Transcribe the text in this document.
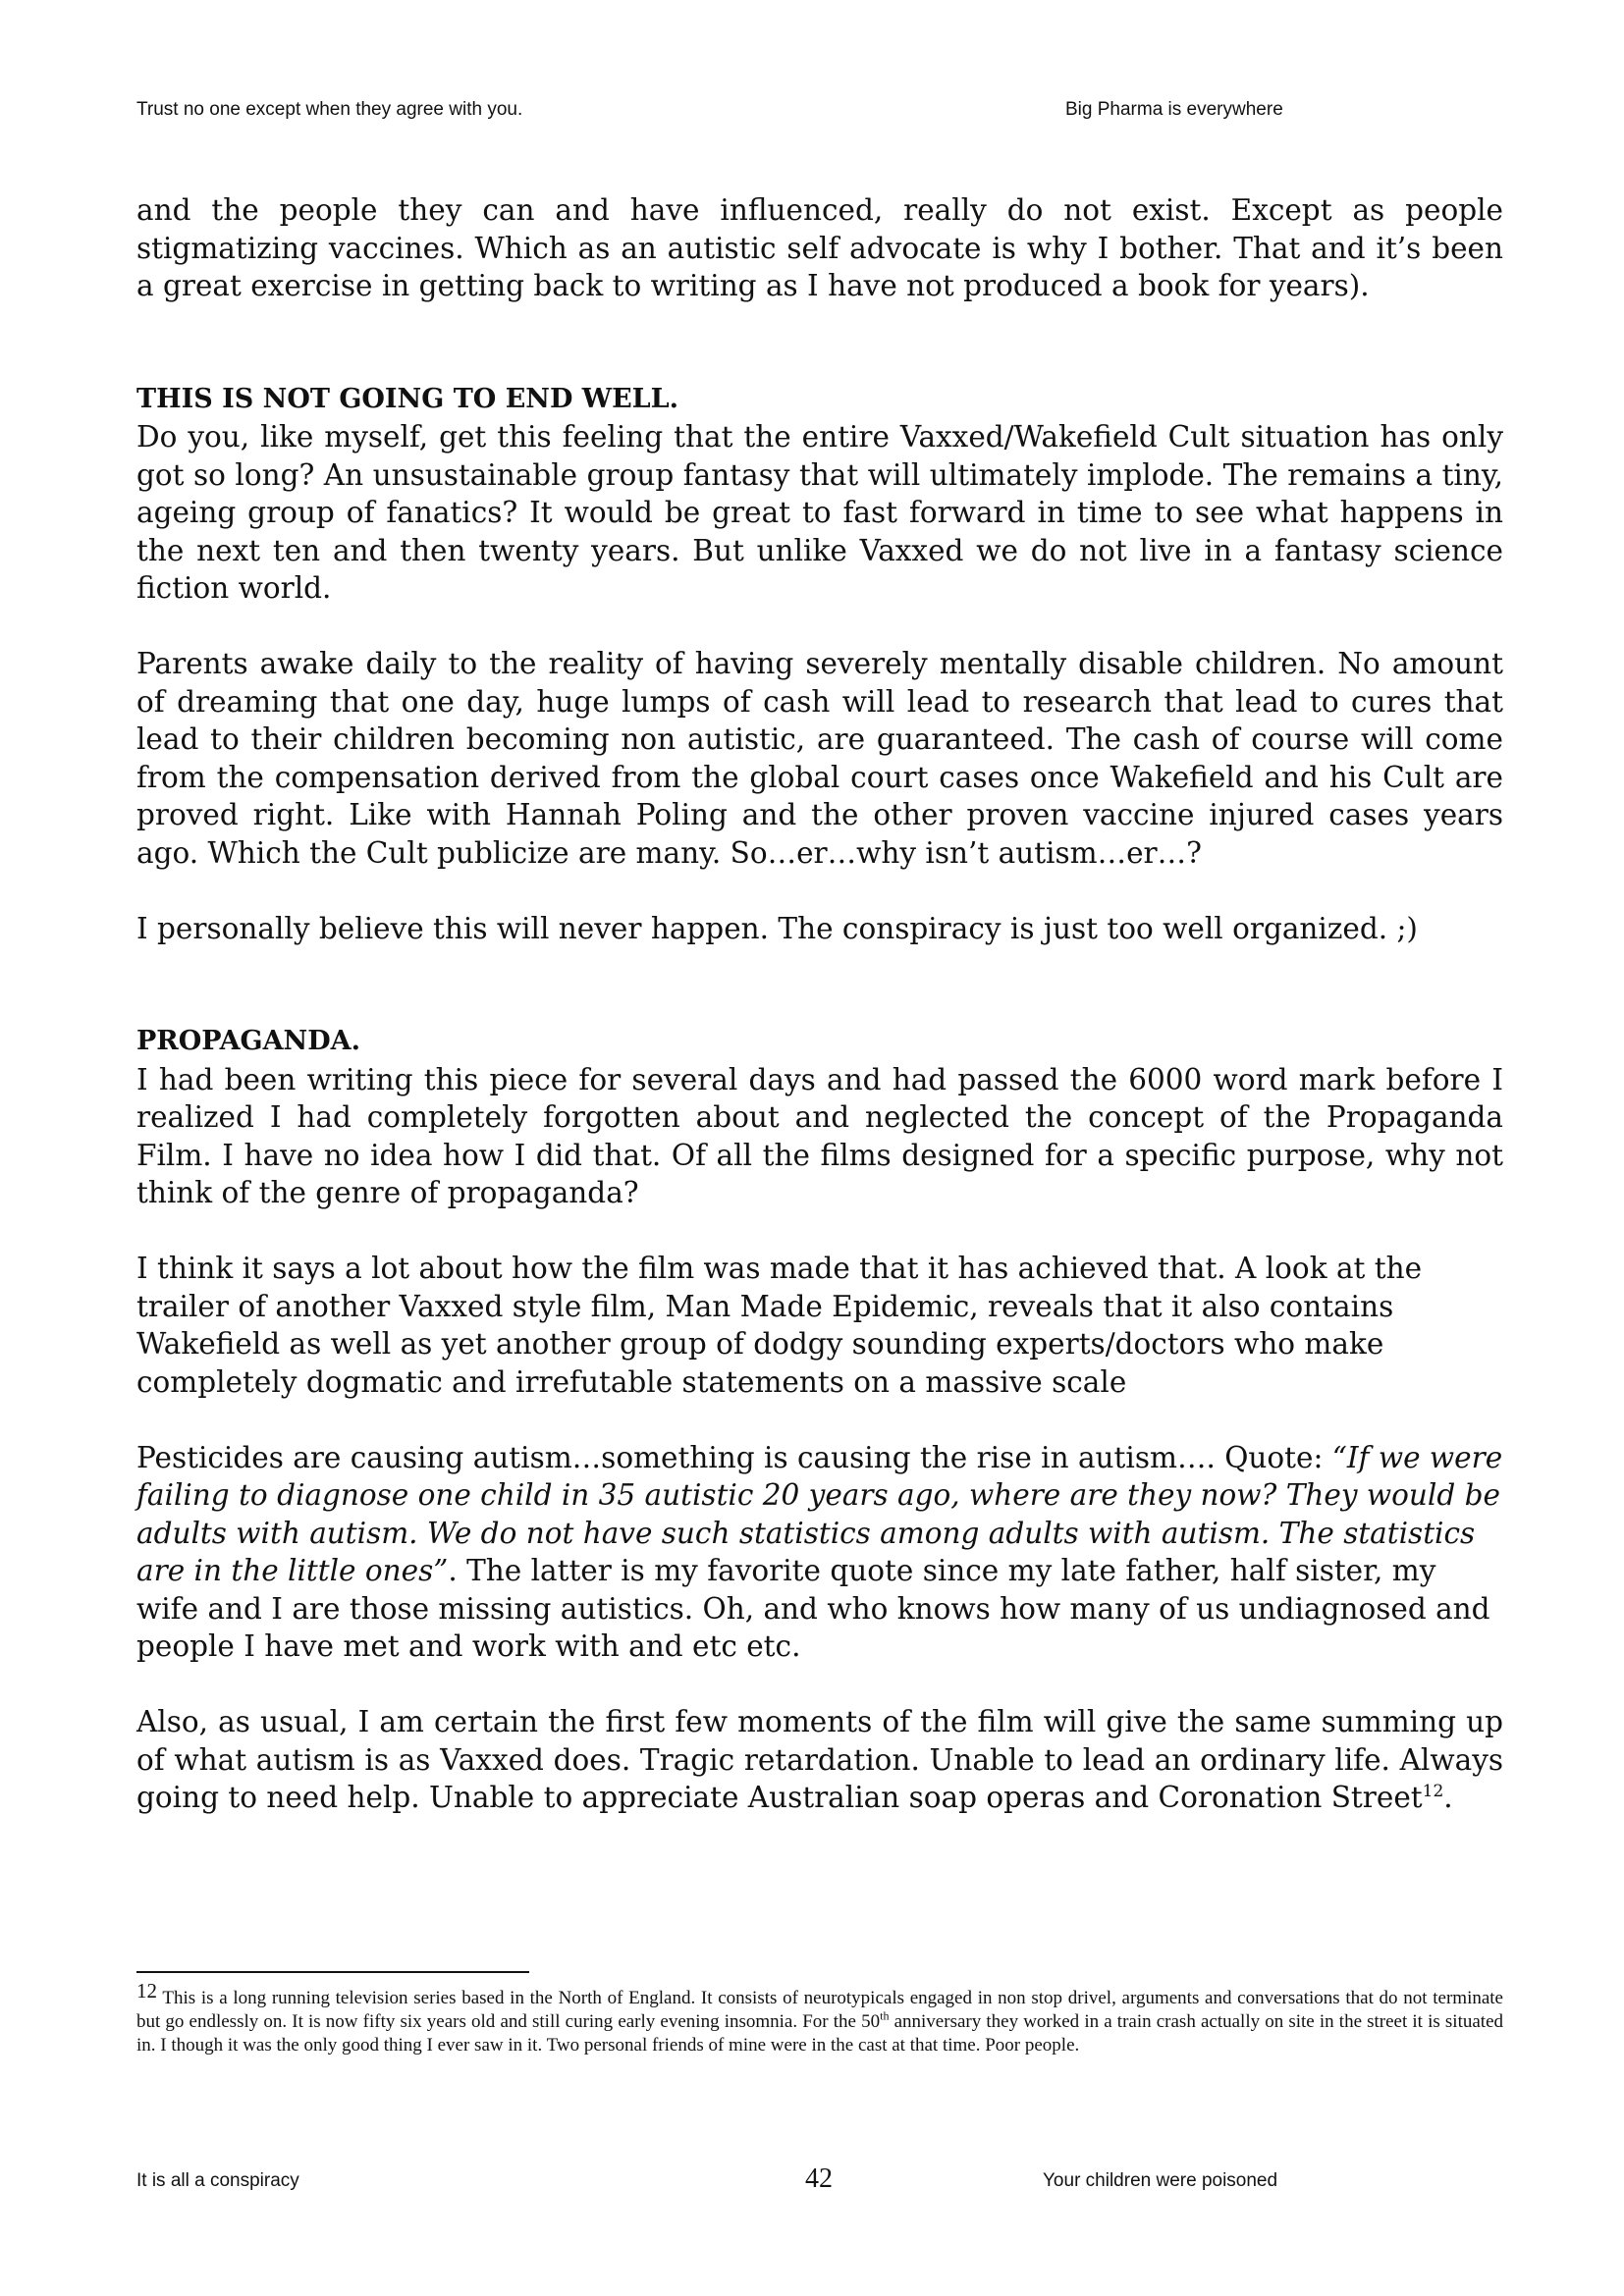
Trust no one except when they agree with you.	Big Pharma is everywhere

and the people they can and have influenced, really do not exist. Except as people stigmatizing vaccines. Which as an autistic self advocate is why I bother. That and it’s been a great exercise in getting back to writing as I have not produced a book for years).

THIS IS NOT GOING TO END WELL.

Do you, like myself, get this feeling that the entire Vaxxed/Wakefield Cult situation has only got so long? An unsustainable group fantasy that will ultimately implode. The remains a tiny, ageing group of fanatics? It would be great to fast forward in time to see what happens in the next ten and then twenty years. But unlike Vaxxed we do not live in a fantasy science fiction world.

Parents awake daily to the reality of having severely mentally disable children. No amount of dreaming that one day, huge lumps of cash will lead to research that lead to cures that lead to their children becoming non autistic, are guaranteed. The cash of course will come from the compensation derived from the global court cases once Wakefield and his Cult are proved right. Like with Hannah Poling and the other proven vaccine injured cases years ago. Which the Cult publicize are many. So…er…why isn’t autism…er…?

I personally believe this will never happen. The conspiracy is just too well organized. ;)

PROPAGANDA.

I had been writing this piece for several days and had passed the 6000 word mark before I realized I had completely forgotten about and neglected the concept of the Propaganda Film. I have no idea how I did that. Of all the films designed for a specific purpose, why not think of the genre of propaganda?

I think it says a lot about how the film was made that it has achieved that. A look at the trailer of another Vaxxed style film, Man Made Epidemic, reveals that it also contains Wakefield as well as yet another group of dodgy sounding experts/doctors who make completely dogmatic and irrefutable statements on a massive scale

Pesticides are causing autism…something is causing the rise in autism…. Quote: “If we were failing to diagnose one child in 35 autistic 20 years ago, where are they now? They would be adults with autism. We do not have such statistics among adults with autism. The statistics are in the little ones”. The latter is my favorite quote since my late father, half sister, my wife and I are those missing autistics. Oh, and who knows how many of us undiagnosed and people I have met and work with and etc etc.

Also, as usual, I am certain the first few moments of the film will give the same summing up of what autism is as Vaxxed does. Tragic retardation. Unable to lead an ordinary life. Always going to need help. Unable to appreciate Australian soap operas and Coronation Street$^{12}$.

12 This is a long running television series based in the North of England. It consists of neurotypicals engaged in non stop drivel, arguments and conversations that do not terminate but go endlessly on. It is now fifty six years old and still curing early evening insomnia. For the 50th anniversary they worked in a train crash actually on site in the street it is situated in. I though it was the only good thing I ever saw in it. Two personal friends of mine were in the cast at that time. Poor people.
It is all a conspiracy	42	Your children were poisoned
